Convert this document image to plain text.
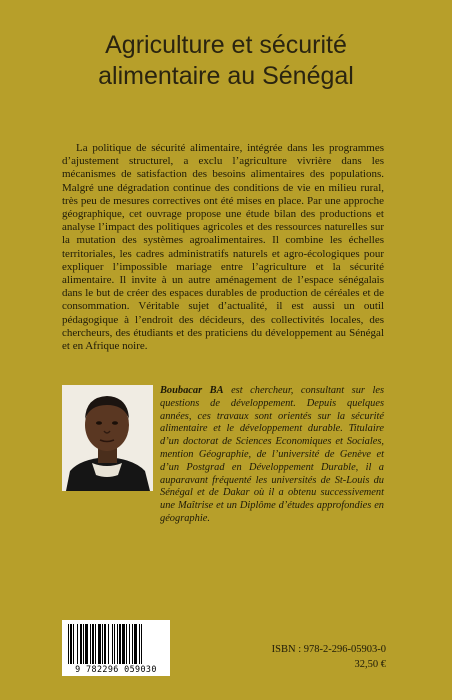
Agriculture et sécurité
alimentaire au Sénégal

La politique de sécurité alimentaire, intégrée dans les programmes d’ajustement structurel, a exclu l’agriculture vivrière dans les mécanismes de satisfaction des besoins alimentaires des populations. Malgré une dégradation continue des conditions de vie en milieu rural, très peu de mesures correctives ont été mises en place. Par une approche géographique, cet ouvrage propose une étude bilan des productions et analyse l’impact des politiques agricoles et des ressources naturelles sur la mutation des systèmes agroalimentaires. Il combine les échelles territoriales, les cadres administratifs naturels et agro-écologiques pour expliquer l’impossible mariage entre l’agriculture et la sécurité alimentaire. Il invite à un autre aménagement de l’espace sénégalais dans le but de créer des espaces durables de production de céréales et de consommation. Véritable sujet d’actualité, il est aussi un outil pédagogique à l’endroit des décideurs, des collectivités locales, des chercheurs, des étudiants et des praticiens du développement au Sénégal et en Afrique noire.

Boubacar BA est chercheur, consultant sur les questions de développement. Depuis quelques années, ces travaux sont orientés sur la sécurité alimentaire et le développement durable. Titulaire d’un doctorat de Sciences Economiques et Sociales, mention Géographie, de l’université de Genève et d’un Postgrad en Développement Durable, il a auparavant fréquenté les universités de St-Louis du Sénégal et de Dakar où il a obtenu successivement une Maîtrise et un Diplôme d’études approfondies en géographie.

9 782296 059030
ISBN : 978-2-296-05903-0
32,50 €
